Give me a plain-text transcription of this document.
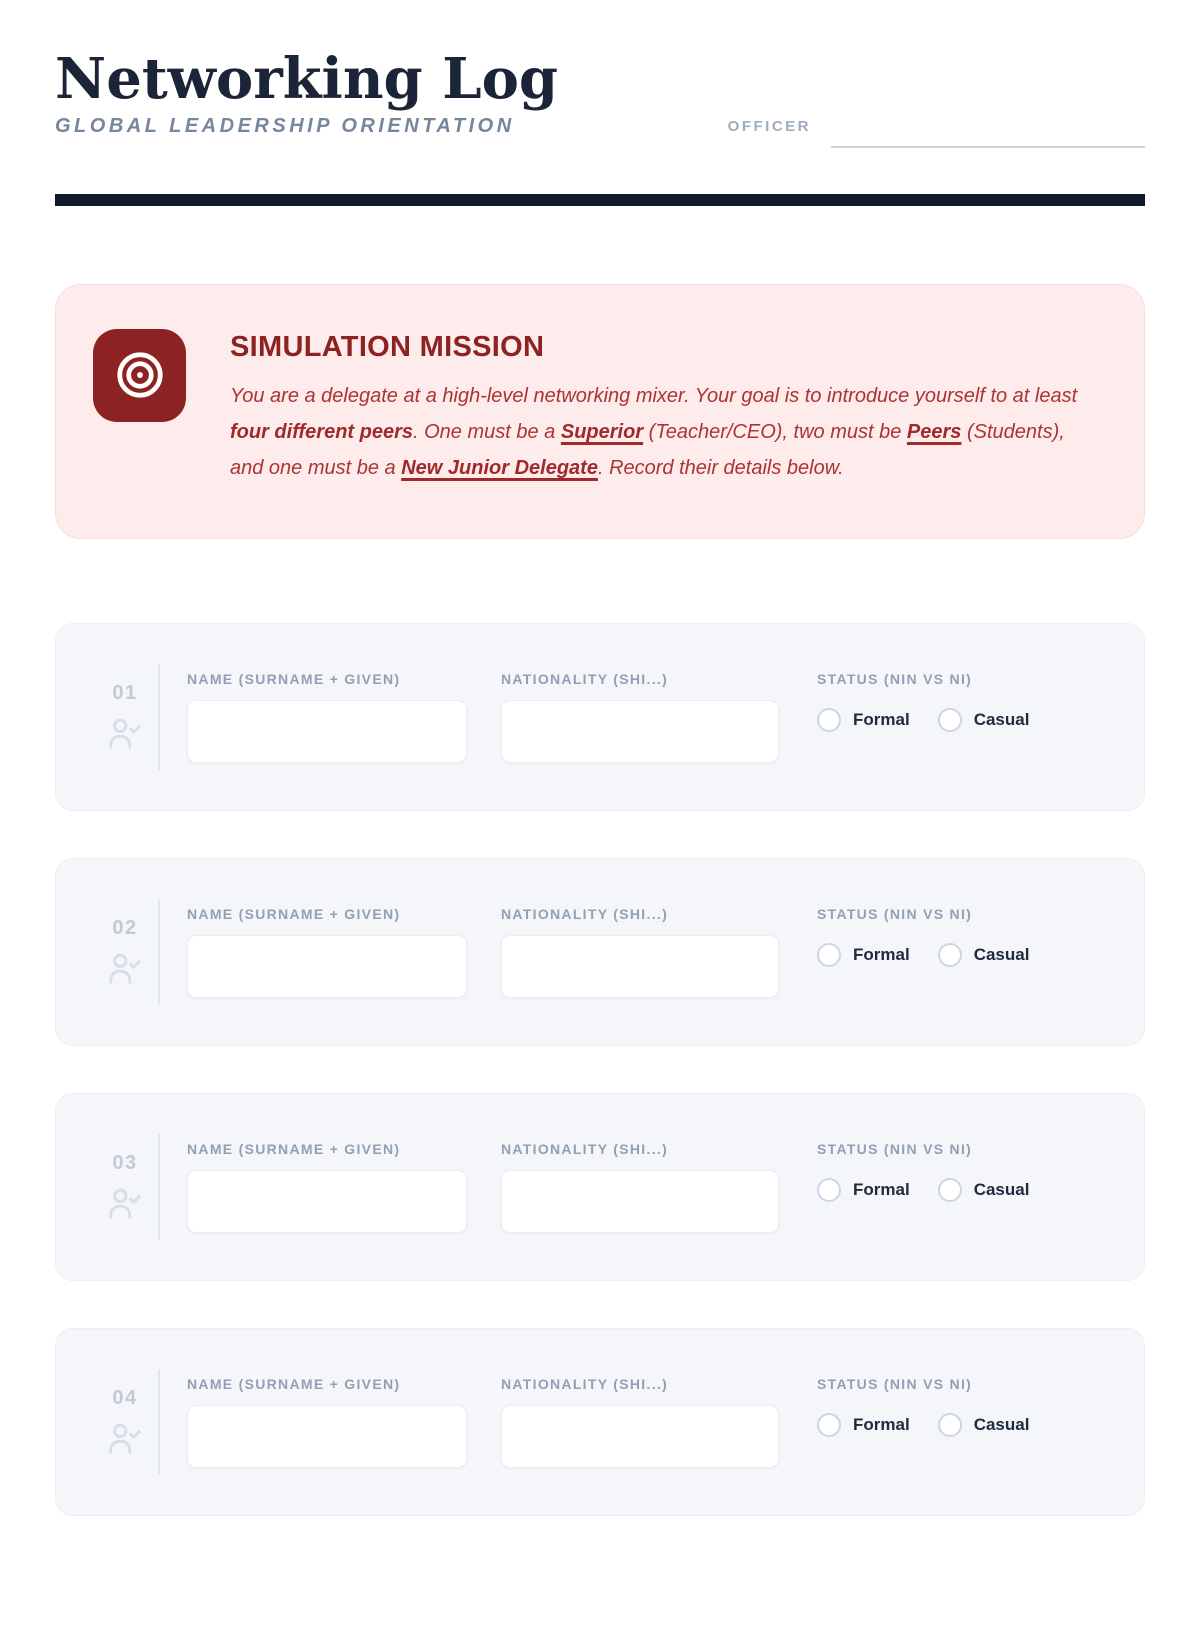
Networking Log
GLOBAL LEADERSHIP ORIENTATION	OFFICER
SIMULATION MISSION

You are a delegate at a high-level networking mixer. Your goal is to introduce yourself to at least four different peers. One must be a Superior (Teacher/CEO), two must be Peers (Students), and one must be a New Junior Delegate. Record their details below.

01
NAME (SURNAME + GIVEN)	NATIONALITY (SHI...)	STATUS (NIN VS NI)
Formal	Casual
02
NAME (SURNAME + GIVEN)	NATIONALITY (SHI...)	STATUS (NIN VS NI)
Formal	Casual
03
NAME (SURNAME + GIVEN)	NATIONALITY (SHI...)	STATUS (NIN VS NI)
Formal	Casual
04
NAME (SURNAME + GIVEN)	NATIONALITY (SHI...)	STATUS (NIN VS NI)
Formal	Casual
